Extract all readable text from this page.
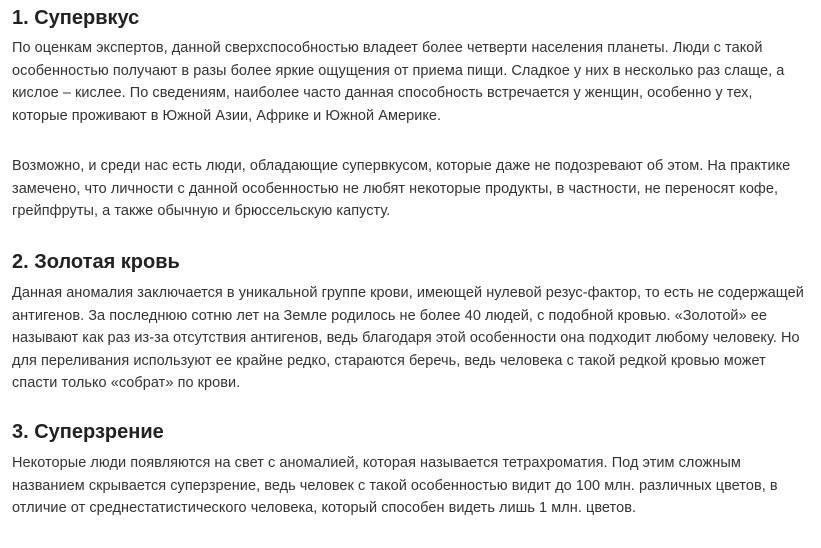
1. Супервкус

По оценкам экспертов, данной сверхспособностью владеет более четверти населения планеты. Люди с такой особенностью получают в разы более яркие ощущения от приема пищи. Сладкое у них в несколько раз слаще, а кислое – кислее. По сведениям, наиболее часто данная способность встречается у женщин, особенно у тех, которые проживают в Южной Азии, Африке и Южной Америке.

Возможно, и среди нас есть люди, обладающие супервкусом, которые даже не подозревают об этом. На практике замечено, что личности с данной особенностью не любят некоторые продукты, в частности, не переносят кофе, грейпфруты, а также обычную и брюссельскую капусту.

2. Золотая кровь

Данная аномалия заключается в уникальной группе крови, имеющей нулевой резус-фактор, то есть не содержащей антигенов. За последнюю сотню лет на Земле родилось не более 40 людей, с подобной кровью. «Золотой» ее называют как раз из-за отсутствия антигенов, ведь благодаря этой особенности она подходит любому человеку. Но для переливания используют ее крайне редко, стараются беречь, ведь человека с такой редкой кровью может спасти только «собрат» по крови.

3. Суперзрение

Некоторые люди появляются на свет с аномалией, которая называется тетрахроматия. Под этим сложным названием скрывается суперзрение, ведь человек с такой особенностью видит до 100 млн. различных цветов, в отличие от среднестатистического человека, который способен видеть лишь 1 млн. цветов.
